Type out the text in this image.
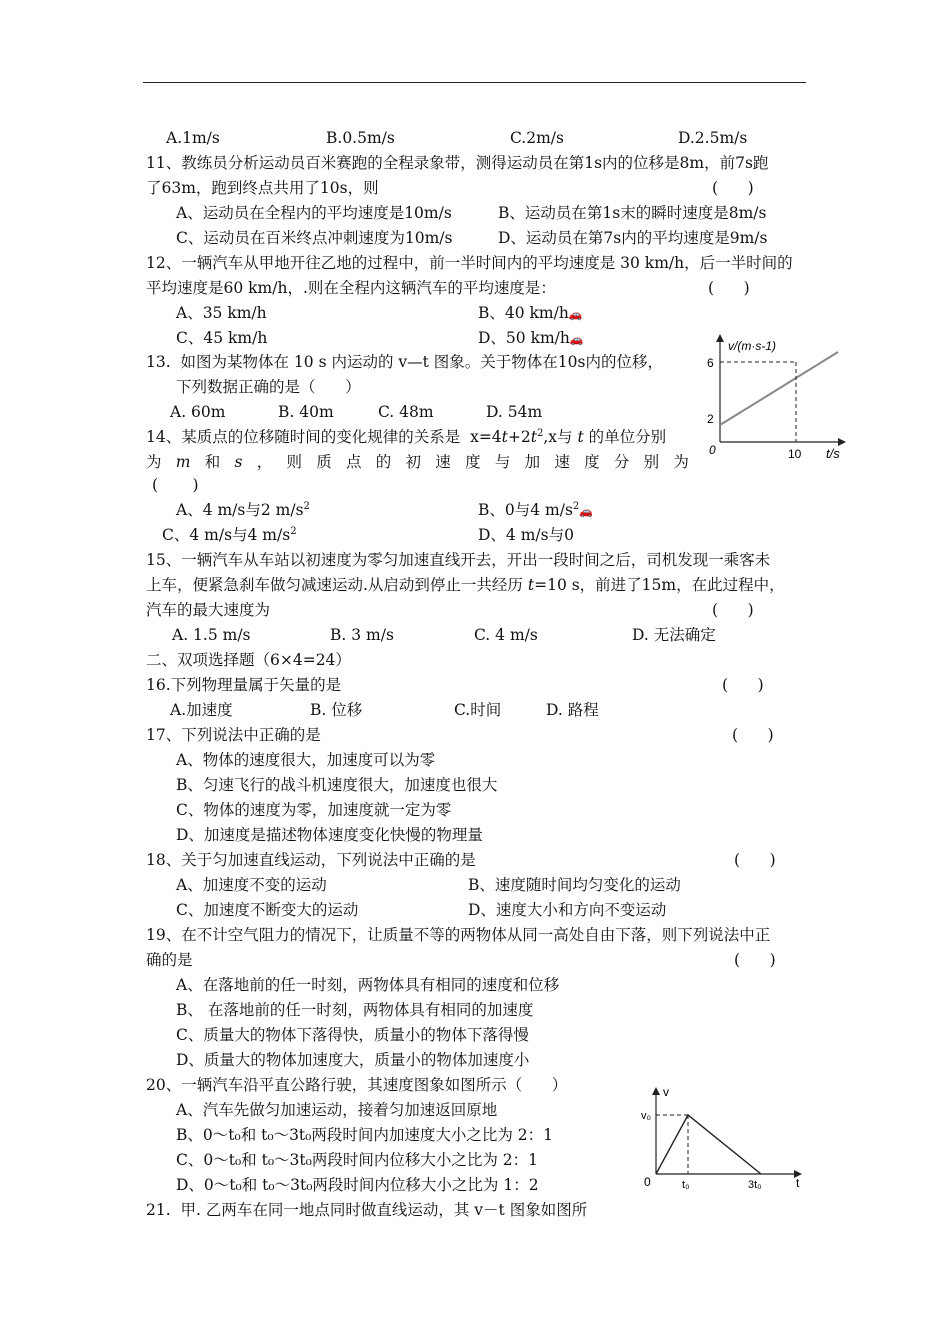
A.1m/s	B.0.5m/s	C.2m/s	D.2.5m/s
11、教练员分析运动员百米赛跑的全程录象带，测得运动员在第1s内的位移是8m，前7s跑
了63m，跑到终点共用了10s，则	(      )
A、运动员在全程内的平均速度是10m/s	B、运动员在第1s末的瞬时速度是8m/s
C、运动员在百米终点冲刺速度为10m/s	D、运动员在第7s内的平均速度是9m/s
12、一辆汽车从甲地开往乙地的过程中，前一半时间内的平均速度是 30 km/h，后一半时间的
平均速度是60 km/h，.则在全程内这辆汽车的平均速度是：	(      )
A、35 km/h	B、40 km/h🚗
C、45 km/h	D、50 km/h🚗
13.  如图为某物体在 10 s 内运动的 v—t 图象。关于物体在10s内的位移，
下列数据正确的是（      ）
A. 60m	B. 40m	C. 48m	D. 54m
v/(m·s-1)
6
2
0	10 t/s
14、某质点的位移随时间的变化规律的关系是  $x=4t+2t^2,x$与 t 的单位分别
为 m 和 s ， 则 质 点 的 初 速 度 与 加 速 度 分 别 为
(       )
A、4 m/s与2 $m/s^2$	B、0与4 $m/s^2🚗$
C、4 m/s与4 $m/s^2$	D、4 m/s与0
15、一辆汽车从车站以初速度为零匀加速直线开去，开出一段时间之后，司机发现一乘客未
上车，便紧急刹车做匀减速运动.从启动到停止一共经历 t=10 s，前进了15m，在此过程中，
汽车的最大速度为	(      )
A. 1.5 m/s	B. 3 m/s	C. 4 m/s	D. 无法确定
二、双项选择题（6×4=24）
16.下列物理量属于矢量的是	(      )
A.加速度	B. 位移	C.时间	D. 路程
17、下列说法中正确的是	(      )
A、物体的速度很大，加速度可以为零
B、匀速飞行的战斗机速度很大，加速度也很大
C、物体的速度为零，加速度就一定为零
D、加速度是描述物体速度变化快慢的物理量
18、关于匀加速直线运动，下列说法中正确的是	(      )
A、加速度不变的运动	B、速度随时间均匀变化的运动
C、加速度不断变大的运动	D、速度大小和方向不变运动
19、在不计空气阻力的情况下，让质量不等的两物体从同一高处自由下落，则下列说法中正
确的是	(      )
A、在落地前的任一时刻，两物体具有相同的速度和位移
B、 在落地前的任一时刻，两物体具有相同的加速度
C、质量大的物体下落得快，质量小的物体下落得慢
D、质量大的物体加速度大，质量小的物体加速度小
20、一辆汽车沿平直公路行驶，其速度图象如图所示（      ）
A、汽车先做匀加速运动，接着匀加速返回原地
B、0～t₀和 t₀～3t₀两段时间内加速度大小之比为 2：1
C、0～t₀和 t₀～3t₀两段时间内位移大小之比为 2：1
D、0～t₀和 t₀～3t₀两段时间内位移大小之比为 1：2
v
v₀
0	t₀	3t₀	t
21.  甲. 乙两车在同一地点同时做直线运动，其 v－t 图象如图所
